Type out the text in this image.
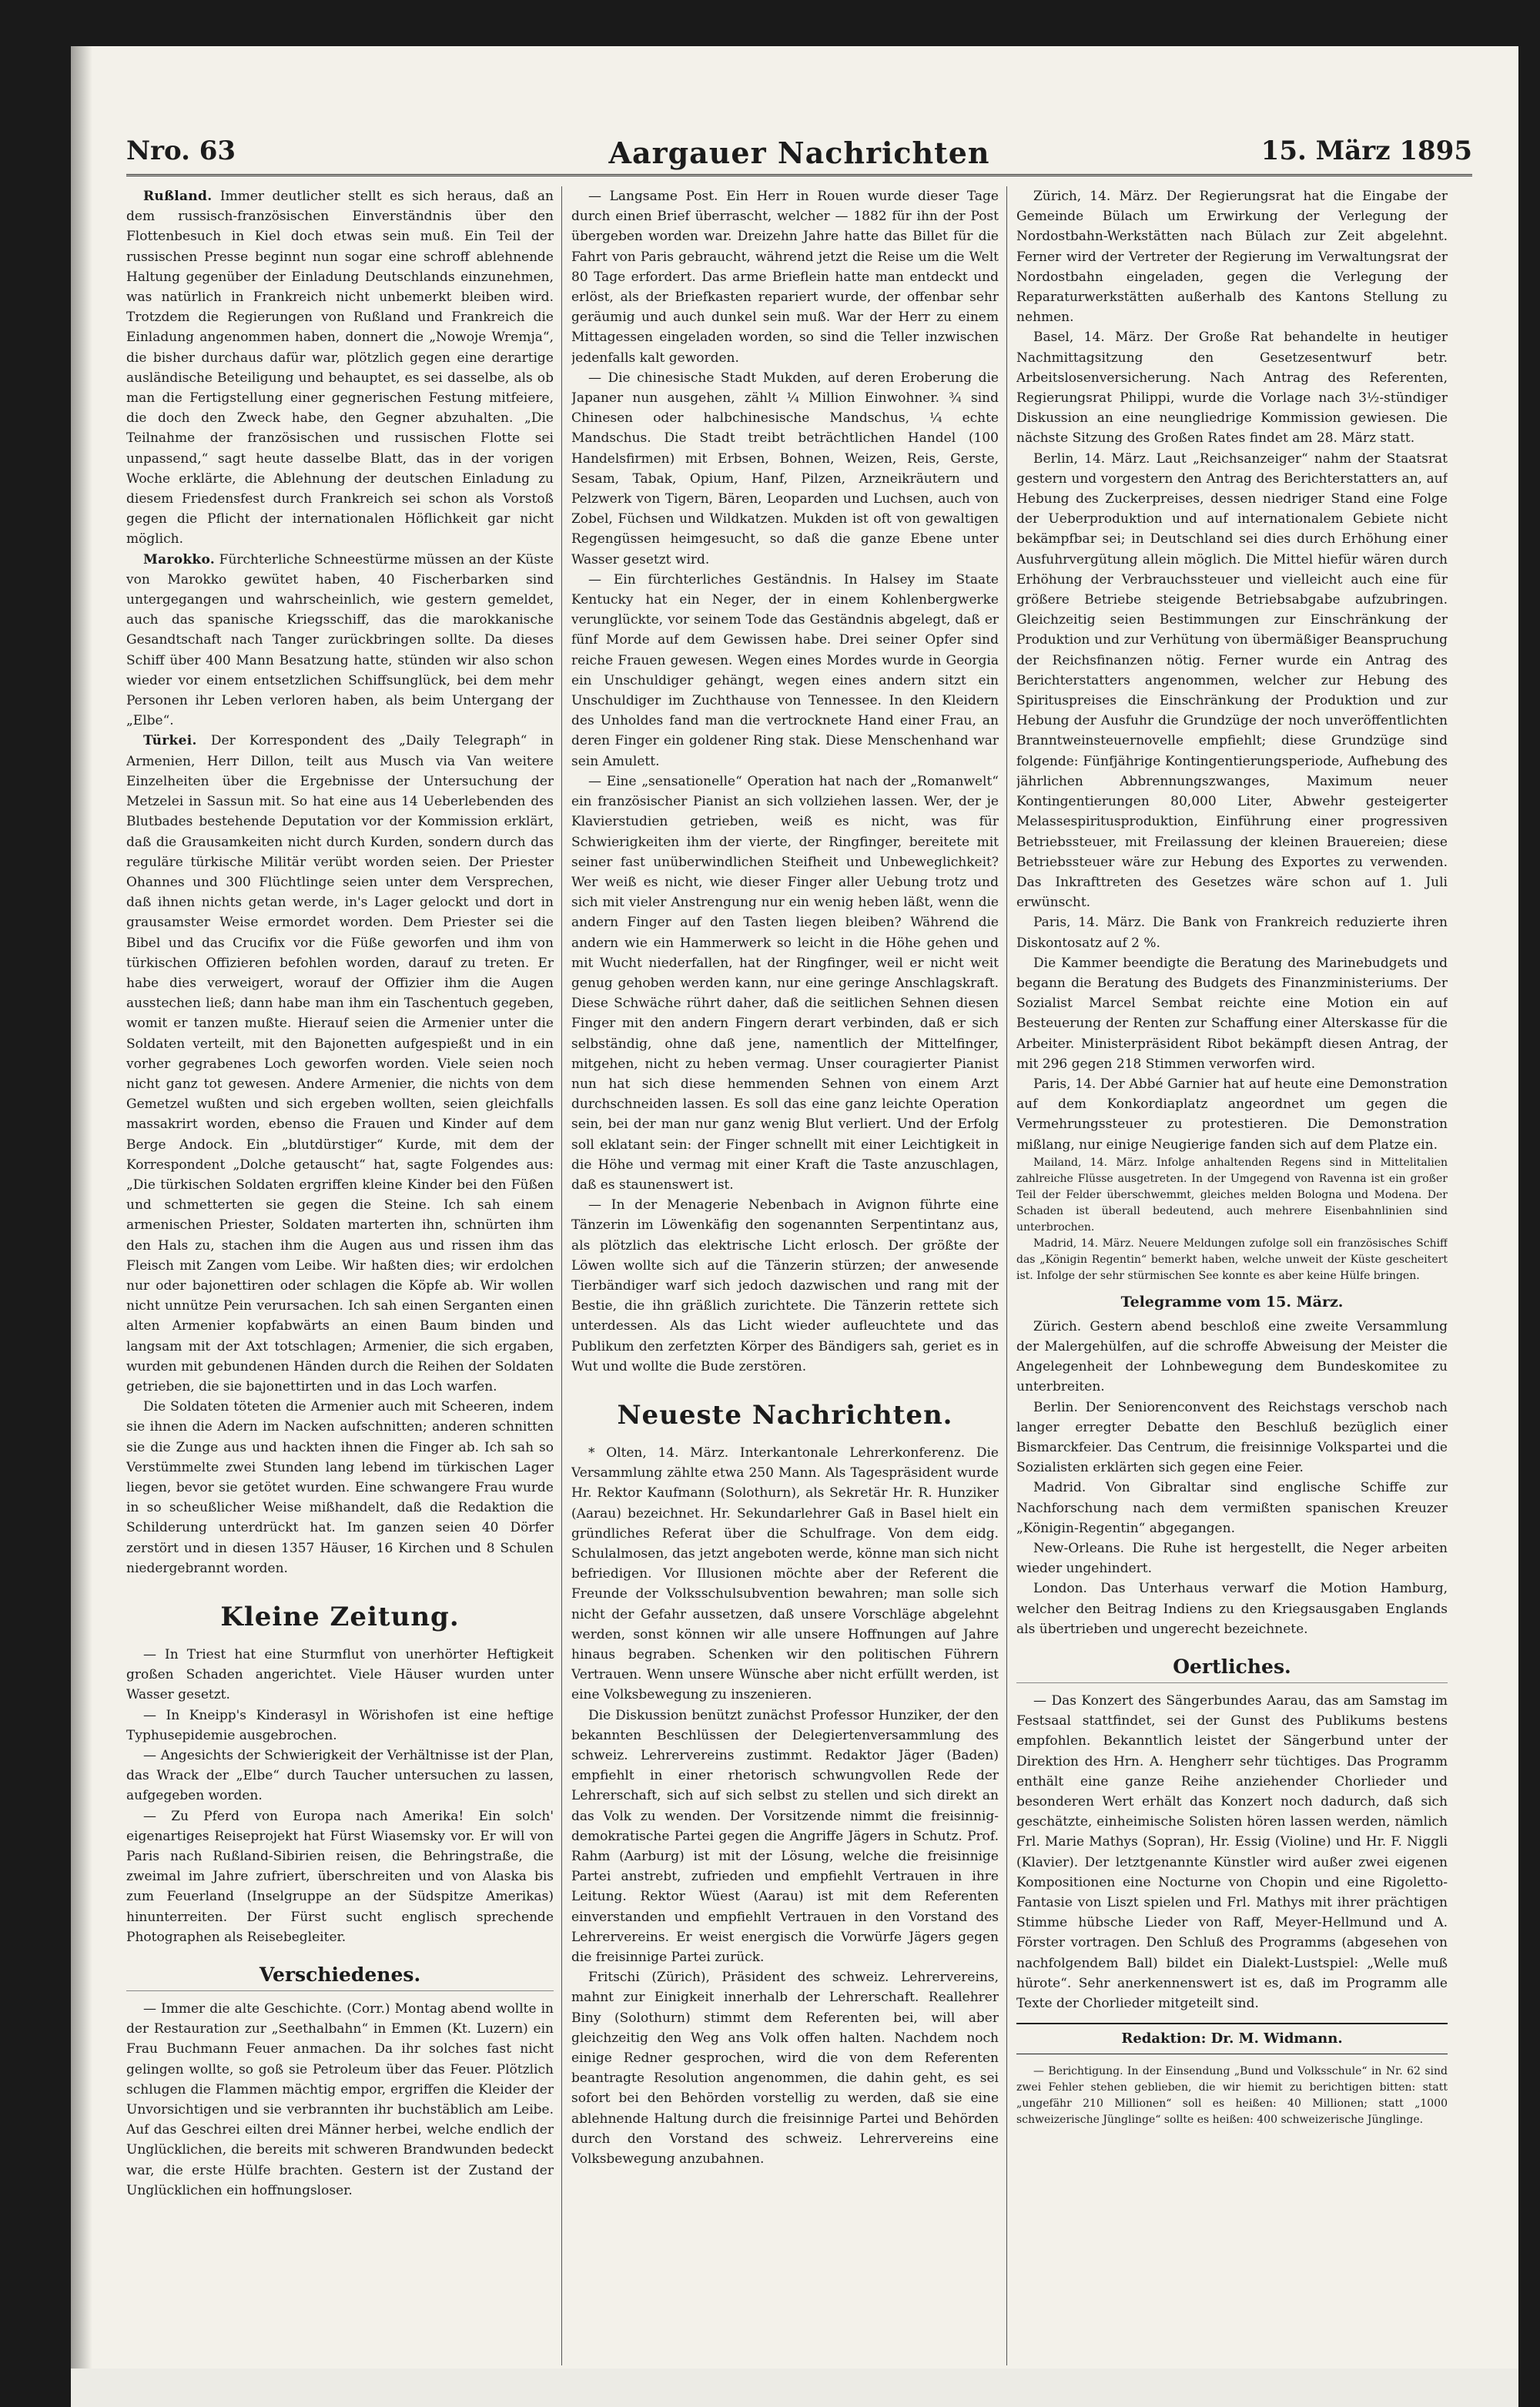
Nro. 63	Aargauer Nachrichten	15. März 1895

Rußland. Immer deutlicher stellt es sich heraus, daß an dem russisch-französischen Einverständnis über den Flottenbesuch in Kiel doch etwas sein muß. Ein Teil der russischen Presse beginnt nun sogar eine schroff ablehnende Haltung gegenüber der Einladung Deutschlands einzunehmen, was natürlich in Frankreich nicht unbemerkt bleiben wird. Trotzdem die Regierungen von Rußland und Frankreich die Einladung angenommen haben, donnert die „Nowoje Wremja“, die bisher durchaus dafür war, plötzlich gegen eine derartige ausländische Beteiligung und behauptet, es sei dasselbe, als ob man die Fertigstellung einer gegnerischen Festung mitfeiere, die doch den Zweck habe, den Gegner abzuhalten. „Die Teilnahme der französischen und russischen Flotte sei unpassend,“ sagt heute dasselbe Blatt, das in der vorigen Woche erklärte, die Ablehnung der deutschen Einladung zu diesem Friedensfest durch Frankreich sei schon als Vorstoß gegen die Pflicht der internationalen Höflichkeit gar nicht möglich.

Marokko. Fürchterliche Schneestürme müssen an der Küste von Marokko gewütet haben, 40 Fischerbarken sind untergegangen und wahrscheinlich, wie gestern gemeldet, auch das spanische Kriegsschiff, das die marokkanische Gesandtschaft nach Tanger zurückbringen sollte. Da dieses Schiff über 400 Mann Besatzung hatte, stünden wir also schon wieder vor einem entsetzlichen Schiffsunglück, bei dem mehr Personen ihr Leben verloren haben, als beim Untergang der „Elbe“.

Türkei. Der Korrespondent des „Daily Telegraph“ in Armenien, Herr Dillon, teilt aus Musch via Van weitere Einzelheiten über die Ergebnisse der Untersuchung der Metzelei in Sassun mit. So hat eine aus 14 Ueberlebenden des Blutbades bestehende Deputation vor der Kommission erklärt, daß die Grausamkeiten nicht durch Kurden, sondern durch das reguläre türkische Militär verübt worden seien. Der Priester Ohannes und 300 Flüchtlinge seien unter dem Versprechen, daß ihnen nichts getan werde, in's Lager gelockt und dort in grausamster Weise ermordet worden. Dem Priester sei die Bibel und das Crucifix vor die Füße geworfen und ihm von türkischen Offizieren befohlen worden, darauf zu treten. Er habe dies verweigert, worauf der Offizier ihm die Augen ausstechen ließ; dann habe man ihm ein Taschentuch gegeben, womit er tanzen mußte. Hierauf seien die Armenier unter die Soldaten verteilt, mit den Bajonetten aufgespießt und in ein vorher gegrabenes Loch geworfen worden. Viele seien noch nicht ganz tot gewesen. Andere Armenier, die nichts von dem Gemetzel wußten und sich ergeben wollten, seien gleichfalls massakrirt worden, ebenso die Frauen und Kinder auf dem Berge Andock. Ein „blutdürstiger“ Kurde, mit dem der Korrespondent „Dolche getauscht“ hat, sagte Folgendes aus: „Die türkischen Soldaten ergriffen kleine Kinder bei den Füßen und schmetterten sie gegen die Steine. Ich sah einem armenischen Priester, Soldaten marterten ihn, schnürten ihm den Hals zu, stachen ihm die Augen aus und rissen ihm das Fleisch mit Zangen vom Leibe. Wir haßten dies; wir erdolchen nur oder bajonettiren oder schlagen die Köpfe ab. Wir wollen nicht unnütze Pein verursachen. Ich sah einen Serganten einen alten Armenier kopfabwärts an einen Baum binden und langsam mit der Axt totschlagen; Armenier, die sich ergaben, wurden mit gebundenen Händen durch die Reihen der Soldaten getrieben, die sie bajonettirten und in das Loch warfen.

Die Soldaten töteten die Armenier auch mit Scheeren, indem sie ihnen die Adern im Nacken aufschnitten; anderen schnitten sie die Zunge aus und hackten ihnen die Finger ab. Ich sah so Verstümmelte zwei Stunden lang lebend im türkischen Lager liegen, bevor sie getötet wurden. Eine schwangere Frau wurde in so scheußlicher Weise mißhandelt, daß die Redaktion die Schilderung unterdrückt hat. Im ganzen seien 40 Dörfer zerstört und in diesen 1357 Häuser, 16 Kirchen und 8 Schulen niedergebrannt worden.

Kleine Zeitung.

— In Triest hat eine Sturmflut von unerhörter Heftigkeit großen Schaden angerichtet. Viele Häuser wurden unter Wasser gesetzt.

— In Kneipp's Kinderasyl in Wörishofen ist eine heftige Typhusepidemie ausgebrochen.

— Angesichts der Schwierigkeit der Verhältnisse ist der Plan, das Wrack der „Elbe“ durch Taucher untersuchen zu lassen, aufgegeben worden.

— Zu Pferd von Europa nach Amerika! Ein solch' eigenartiges Reiseprojekt hat Fürst Wiasemsky vor. Er will von Paris nach Rußland-Sibirien reisen, die Behringstraße, die zweimal im Jahre zufriert, überschreiten und von Alaska bis zum Feuerland (Inselgruppe an der Südspitze Amerikas) hinunterreiten. Der Fürst sucht englisch sprechende Photographen als Reisebegleiter.

Verschiedenes.

— Immer die alte Geschichte. (Corr.) Montag abend wollte in der Restauration zur „Seethalbahn“ in Emmen (Kt. Luzern) ein Frau Buchmann Feuer anmachen. Da ihr solches fast nicht gelingen wollte, so goß sie Petroleum über das Feuer. Plötzlich schlugen die Flammen mächtig empor, ergriffen die Kleider der Unvorsichtigen und sie verbrannten ihr buchstäblich am Leibe. Auf das Geschrei eilten drei Männer herbei, welche endlich der Unglücklichen, die bereits mit schweren Brandwunden bedeckt war, die erste Hülfe brachten. Gestern ist der Zustand der Unglücklichen ein hoffnungsloser.

— Langsame Post. Ein Herr in Rouen wurde dieser Tage durch einen Brief überrascht, welcher — 1882 für ihn der Post übergeben worden war. Dreizehn Jahre hatte das Billet für die Fahrt von Paris gebraucht, während jetzt die Reise um die Welt 80 Tage erfordert. Das arme Brieflein hatte man entdeckt und erlöst, als der Briefkasten repariert wurde, der offenbar sehr geräumig und auch dunkel sein muß. War der Herr zu einem Mittagessen eingeladen worden, so sind die Teller inzwischen jedenfalls kalt geworden.

— Die chinesische Stadt Mukden, auf deren Eroberung die Japaner nun ausgehen, zählt ¼ Million Einwohner. ¾ sind Chinesen oder halbchinesische Mandschus, ¼ echte Mandschus. Die Stadt treibt beträchtlichen Handel (100 Handelsfirmen) mit Erbsen, Bohnen, Weizen, Reis, Gerste, Sesam, Tabak, Opium, Hanf, Pilzen, Arzneikräutern und Pelzwerk von Tigern, Bären, Leoparden und Luchsen, auch von Zobel, Füchsen und Wildkatzen. Mukden ist oft von gewaltigen Regengüssen heimgesucht, so daß die ganze Ebene unter Wasser gesetzt wird.

— Ein fürchterliches Geständnis. In Halsey im Staate Kentucky hat ein Neger, der in einem Kohlenbergwerke verunglückte, vor seinem Tode das Geständnis abgelegt, daß er fünf Morde auf dem Gewissen habe. Drei seiner Opfer sind reiche Frauen gewesen. Wegen eines Mordes wurde in Georgia ein Unschuldiger gehängt, wegen eines andern sitzt ein Unschuldiger im Zuchthause von Tennessee. In den Kleidern des Unholdes fand man die vertrocknete Hand einer Frau, an deren Finger ein goldener Ring stak. Diese Menschenhand war sein Amulett.

— Eine „sensationelle“ Operation hat nach der „Romanwelt“ ein französischer Pianist an sich vollziehen lassen. Wer, der je Klavierstudien getrieben, weiß es nicht, was für Schwierigkeiten ihm der vierte, der Ringfinger, bereitete mit seiner fast unüberwindlichen Steifheit und Unbeweglichkeit? Wer weiß es nicht, wie dieser Finger aller Uebung trotz und sich mit vieler Anstrengung nur ein wenig heben läßt, wenn die andern Finger auf den Tasten liegen bleiben? Während die andern wie ein Hammerwerk so leicht in die Höhe gehen und mit Wucht niederfallen, hat der Ringfinger, weil er nicht weit genug gehoben werden kann, nur eine geringe Anschlagskraft. Diese Schwäche rührt daher, daß die seitlichen Sehnen diesen Finger mit den andern Fingern derart verbinden, daß er sich selbständig, ohne daß jene, namentlich der Mittelfinger, mitgehen, nicht zu heben vermag. Unser couragierter Pianist nun hat sich diese hemmenden Sehnen von einem Arzt durchschneiden lassen. Es soll das eine ganz leichte Operation sein, bei der man nur ganz wenig Blut verliert. Und der Erfolg soll eklatant sein: der Finger schnellt mit einer Leichtigkeit in die Höhe und vermag mit einer Kraft die Taste anzuschlagen, daß es staunenswert ist.

— In der Menagerie Nebenbach in Avignon führte eine Tänzerin im Löwenkäfig den sogenannten Serpentintanz aus, als plötzlich das elektrische Licht erlosch. Der größte der Löwen wollte sich auf die Tänzerin stürzen; der anwesende Tierbändiger warf sich jedoch dazwischen und rang mit der Bestie, die ihn gräßlich zurichtete. Die Tänzerin rettete sich unterdessen. Als das Licht wieder aufleuchtete und das Publikum den zerfetzten Körper des Bändigers sah, geriet es in Wut und wollte die Bude zerstören.

Neueste Nachrichten.

* Olten, 14. März. Interkantonale Lehrerkonferenz. Die Versammlung zählte etwa 250 Mann. Als Tagespräsident wurde Hr. Rektor Kaufmann (Solothurn), als Sekretär Hr. R. Hunziker (Aarau) bezeichnet. Hr. Sekundarlehrer Gaß in Basel hielt ein gründliches Referat über die Schulfrage. Von dem eidg. Schulalmosen, das jetzt angeboten werde, könne man sich nicht befriedigen. Vor Illusionen möchte aber der Referent die Freunde der Volksschulsubvention bewahren; man solle sich nicht der Gefahr aussetzen, daß unsere Vorschläge abgelehnt werden, sonst können wir alle unsere Hoffnungen auf Jahre hinaus begraben. Schenken wir den politischen Führern Vertrauen. Wenn unsere Wünsche aber nicht erfüllt werden, ist eine Volksbewegung zu inszenieren.

Die Diskussion benützt zunächst Professor Hunziker, der den bekannten Beschlüssen der Delegiertenversammlung des schweiz. Lehrervereins zustimmt. Redaktor Jäger (Baden) empfiehlt in einer rhetorisch schwungvollen Rede der Lehrerschaft, sich auf sich selbst zu stellen und sich direkt an das Volk zu wenden. Der Vorsitzende nimmt die freisinnig-demokratische Partei gegen die Angriffe Jägers in Schutz. Prof. Rahm (Aarburg) ist mit der Lösung, welche die freisinnige Partei anstrebt, zufrieden und empfiehlt Vertrauen in ihre Leitung. Rektor Wüest (Aarau) ist mit dem Referenten einverstanden und empfiehlt Vertrauen in den Vorstand des Lehrervereins. Er weist energisch die Vorwürfe Jägers gegen die freisinnige Partei zurück.

Fritschi (Zürich), Präsident des schweiz. Lehrervereins, mahnt zur Einigkeit innerhalb der Lehrerschaft. Reallehrer Biny (Solothurn) stimmt dem Referenten bei, will aber gleichzeitig den Weg ans Volk offen halten. Nachdem noch einige Redner gesprochen, wird die von dem Referenten beantragte Resolution angenommen, die dahin geht, es sei sofort bei den Behörden vorstellig zu werden, daß sie eine ablehnende Haltung durch die freisinnige Partei und Behörden durch den Vorstand des schweiz. Lehrervereins eine Volksbewegung anzubahnen.

Zürich, 14. März. Der Regierungsrat hat die Eingabe der Gemeinde Bülach um Erwirkung der Verlegung der Nordostbahn-Werkstätten nach Bülach zur Zeit abgelehnt. Ferner wird der Vertreter der Regierung im Verwaltungsrat der Nordostbahn eingeladen, gegen die Verlegung der Reparaturwerkstätten außerhalb des Kantons Stellung zu nehmen.

Basel, 14. März. Der Große Rat behandelte in heutiger Nachmittagsitzung den Gesetzesentwurf betr. Arbeitslosenversicherung. Nach Antrag des Referenten, Regierungsrat Philippi, wurde die Vorlage nach 3½-stündiger Diskussion an eine neungliedrige Kommission gewiesen. Die nächste Sitzung des Großen Rates findet am 28. März statt.

Berlin, 14. März. Laut „Reichsanzeiger“ nahm der Staatsrat gestern und vorgestern den Antrag des Berichterstatters an, auf Hebung des Zuckerpreises, dessen niedriger Stand eine Folge der Ueberproduktion und auf internationalem Gebiete nicht bekämpfbar sei; in Deutschland sei dies durch Erhöhung einer Ausfuhrvergütung allein möglich. Die Mittel hiefür wären durch Erhöhung der Verbrauchssteuer und vielleicht auch eine für größere Betriebe steigende Betriebsabgabe aufzubringen. Gleichzeitig seien Bestimmungen zur Einschränkung der Produktion und zur Verhütung von übermäßiger Beanspruchung der Reichsfinanzen nötig. Ferner wurde ein Antrag des Berichterstatters angenommen, welcher zur Hebung des Spirituspreises die Einschränkung der Produktion und zur Hebung der Ausfuhr die Grundzüge der noch unveröffentlichten Branntweinsteuernovelle empfiehlt; diese Grundzüge sind folgende: Fünfjährige Kontingentierungsperiode, Aufhebung des jährlichen Abbrennungszwanges, Maximum neuer Kontingentierungen 80,000 Liter, Abwehr gesteigerter Melassespiritusproduktion, Einführung einer progressiven Betriebssteuer, mit Freilassung der kleinen Brauereien; diese Betriebssteuer wäre zur Hebung des Exportes zu verwenden. Das Inkrafttreten des Gesetzes wäre schon auf 1. Juli erwünscht.

Paris, 14. März. Die Bank von Frankreich reduzierte ihren Diskontosatz auf 2 %.

Die Kammer beendigte die Beratung des Marinebudgets und begann die Beratung des Budgets des Finanzministeriums. Der Sozialist Marcel Sembat reichte eine Motion ein auf Besteuerung der Renten zur Schaffung einer Alterskasse für die Arbeiter. Ministerpräsident Ribot bekämpft diesen Antrag, der mit 296 gegen 218 Stimmen verworfen wird.

Paris, 14. Der Abbé Garnier hat auf heute eine Demonstration auf dem Konkordiaplatz angeordnet um gegen die Vermehrungssteuer zu protestieren. Die Demonstration mißlang, nur einige Neugierige fanden sich auf dem Platze ein.

Mailand, 14. März. Infolge anhaltenden Regens sind in Mittelitalien zahlreiche Flüsse ausgetreten. In der Umgegend von Ravenna ist ein großer Teil der Felder überschwemmt, gleiches melden Bologna und Modena. Der Schaden ist überall bedeutend, auch mehrere Eisenbahnlinien sind unterbrochen.

Madrid, 14. März. Neuere Meldungen zufolge soll ein französisches Schiff das „Königin Regentin“ bemerkt haben, welche unweit der Küste gescheitert ist. Infolge der sehr stürmischen See konnte es aber keine Hülfe bringen.

Telegramme vom 15. März.

Zürich. Gestern abend beschloß eine zweite Versammlung der Malergehülfen, auf die schroffe Abweisung der Meister die Angelegenheit der Lohnbewegung dem Bundeskomitee zu unterbreiten.

Berlin. Der Seniorenconvent des Reichstags verschob nach langer erregter Debatte den Beschluß bezüglich einer Bismarckfeier. Das Centrum, die freisinnige Volkspartei und die Sozialisten erklärten sich gegen eine Feier.

Madrid. Von Gibraltar sind englische Schiffe zur Nachforschung nach dem vermißten spanischen Kreuzer „Königin-Regentin“ abgegangen.

New-Orleans. Die Ruhe ist hergestellt, die Neger arbeiten wieder ungehindert.

London. Das Unterhaus verwarf die Motion Hamburg, welcher den Beitrag Indiens zu den Kriegsausgaben Englands als übertrieben und ungerecht bezeichnete.

Oertliches.

— Das Konzert des Sängerbundes Aarau, das am Samstag im Festsaal stattfindet, sei der Gunst des Publikums bestens empfohlen. Bekanntlich leistet der Sängerbund unter der Direktion des Hrn. A. Hengherr sehr tüchtiges. Das Programm enthält eine ganze Reihe anziehender Chorlieder und besonderen Wert erhält das Konzert noch dadurch, daß sich geschätzte, einheimische Solisten hören lassen werden, nämlich Frl. Marie Mathys (Sopran), Hr. Essig (Violine) und Hr. F. Niggli (Klavier). Der letztgenannte Künstler wird außer zwei eigenen Kompositionen eine Nocturne von Chopin und eine Rigoletto-Fantasie von Liszt spielen und Frl. Mathys mit ihrer prächtigen Stimme hübsche Lieder von Raff, Meyer-Hellmund und A. Förster vortragen. Den Schluß des Programms (abgesehen von nachfolgendem Ball) bildet ein Dialekt-Lustspiel: „Welle muß hürote“. Sehr anerkennenswert ist es, daß im Programm alle Texte der Chorlieder mitgeteilt sind.

Redaktion: Dr. M. Widmann.

— Berichtigung. In der Einsendung „Bund und Volksschule“ in Nr. 62 sind zwei Fehler stehen geblieben, die wir hiemit zu berichtigen bitten: statt „ungefähr 210 Millionen“ soll es heißen: 40 Millionen; statt „1000 schweizerische Jünglinge“ sollte es heißen: 400 schweizerische Jünglinge.
